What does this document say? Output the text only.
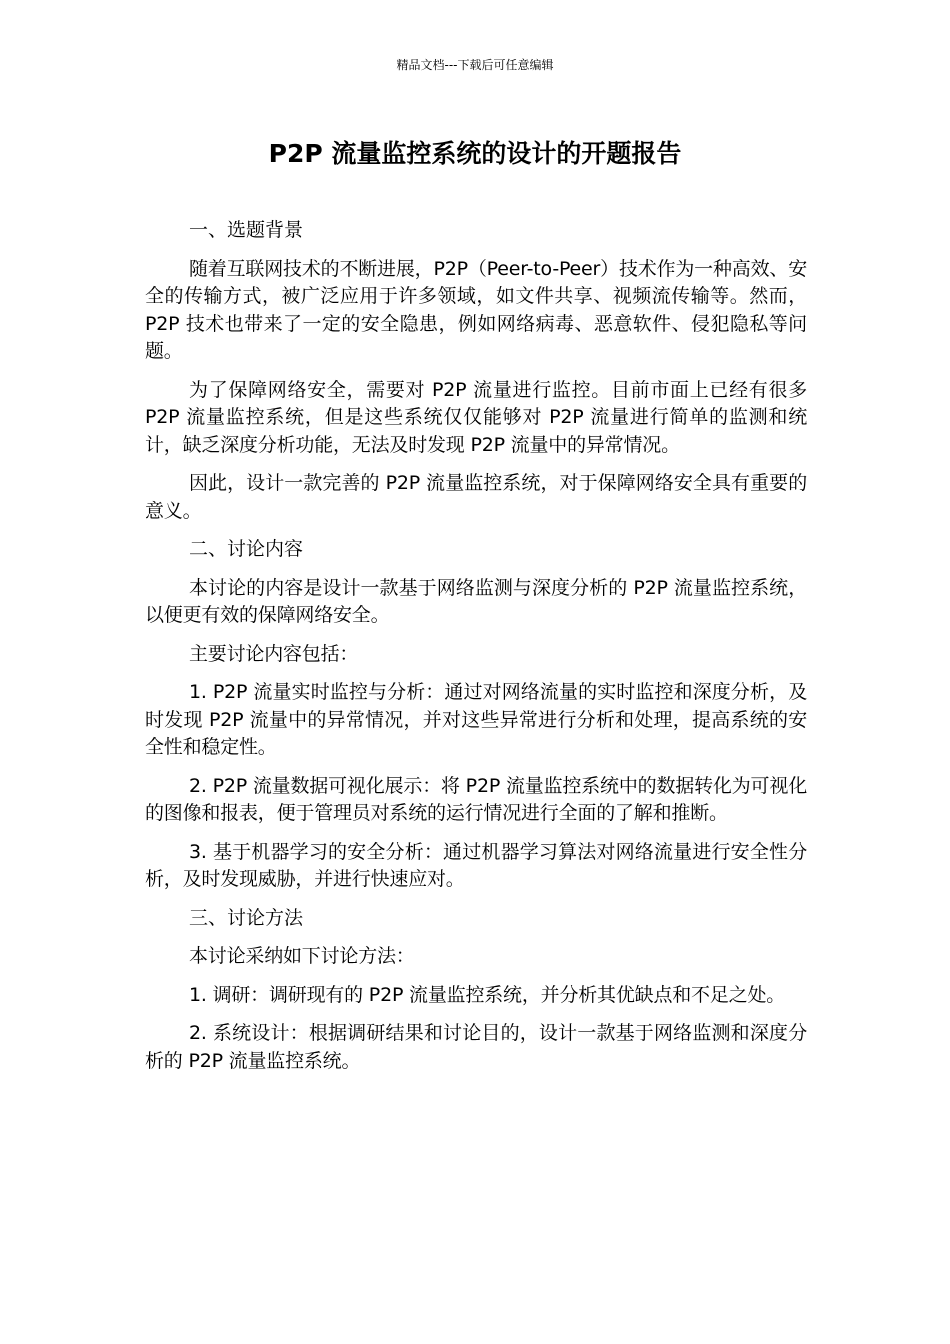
精品文档---下载后可任意编辑
P2P 流量监控系统的设计的开题报告

一、选题背景

随着互联网技术的不断进展，P2P（Peer-to-Peer）技术作为一种高效、安全的传输方式，被广泛应用于许多领域，如文件共享、视频流传输等。然而，P2P 技术也带来了一定的安全隐患，例如网络病毒、恶意软件、侵犯隐私等问题。

为了保障网络安全，需要对 P2P 流量进行监控。目前市面上已经有很多 P2P 流量监控系统，但是这些系统仅仅能够对 P2P 流量进行简单的监测和统计，缺乏深度分析功能，无法及时发现 P2P 流量中的异常情况。

因此，设计一款完善的 P2P 流量监控系统，对于保障网络安全具有重要的意义。

二、讨论内容

本讨论的内容是设计一款基于网络监测与深度分析的 P2P 流量监控系统，以便更有效的保障网络安全。

主要讨论内容包括：

1. P2P 流量实时监控与分析：通过对网络流量的实时监控和深度分析，及时发现 P2P 流量中的异常情况，并对这些异常进行分析和处理，提高系统的安全性和稳定性。

2. P2P 流量数据可视化展示：将 P2P 流量监控系统中的数据转化为可视化的图像和报表，便于管理员对系统的运行情况进行全面的了解和推断。

3. 基于机器学习的安全分析：通过机器学习算法对网络流量进行安全性分析，及时发现威胁，并进行快速应对。

三、讨论方法

本讨论采纳如下讨论方法：

1. 调研：调研现有的 P2P 流量监控系统，并分析其优缺点和不足之处。

2. 系统设计：根据调研结果和讨论目的，设计一款基于网络监测和深度分析的 P2P 流量监控系统。
